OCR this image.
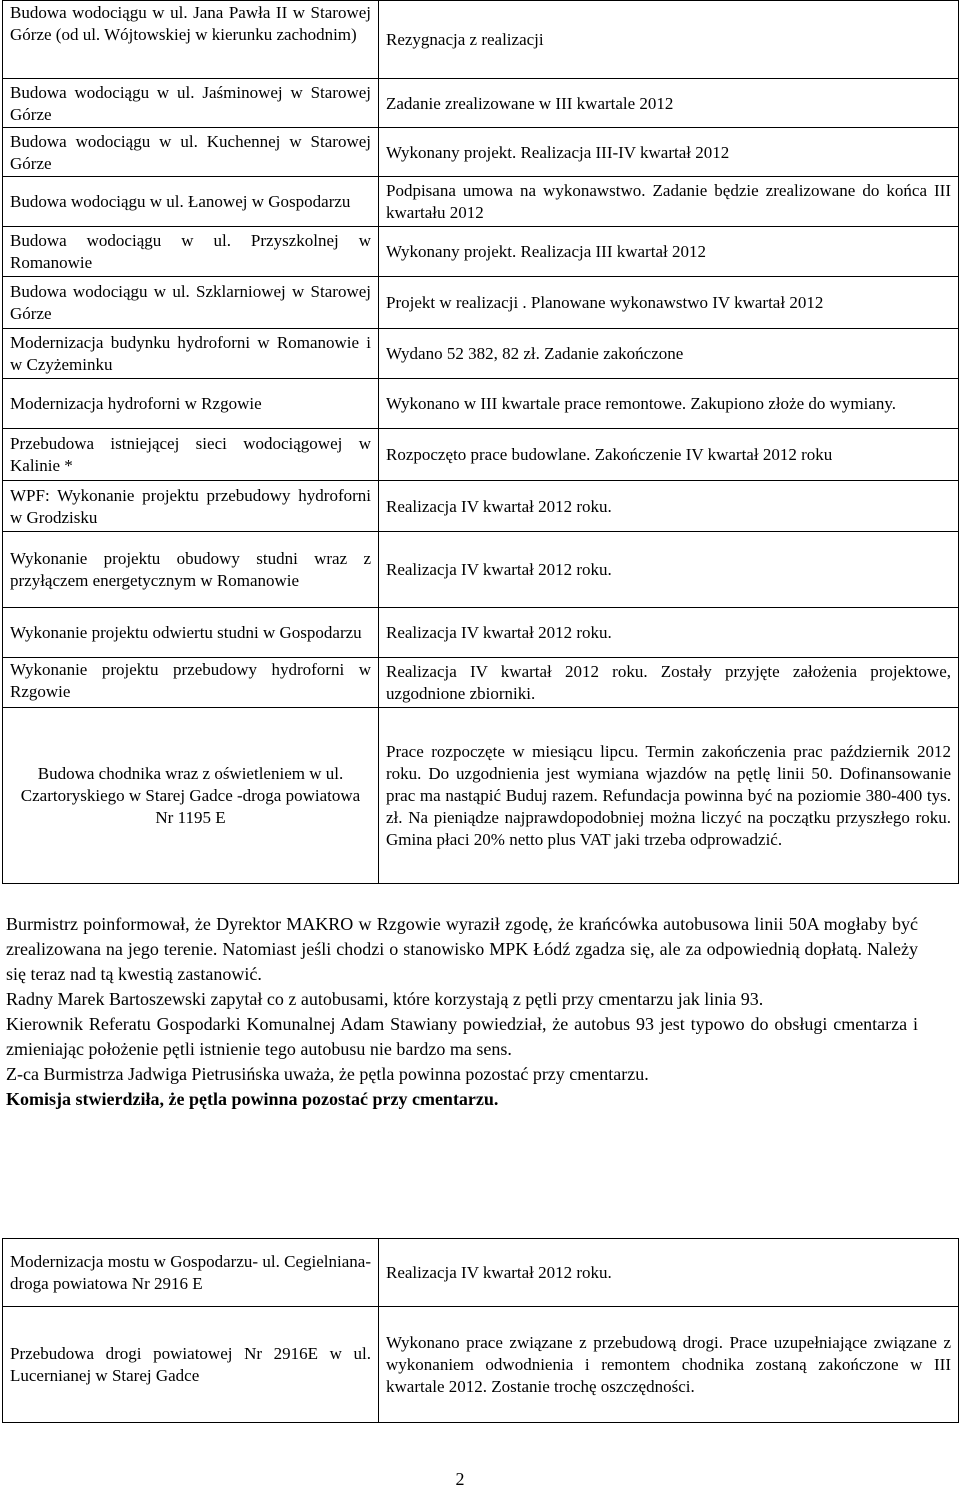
Budowa wodociągu w ul. Jana Pawła II w Starowej Górze (od ul. Wójtowskiej w kierunku zachodnim)	Rezygnacja z realizacji
Budowa wodociągu w ul. Jaśminowej w Starowej Górze	Zadanie zrealizowane w III kwartale 2012
Budowa wodociągu w ul. Kuchennej w Starowej Górze	Wykonany projekt. Realizacja III-IV kwartał 2012
Budowa wodociągu w ul. Łanowej w Gospodarzu	Podpisana umowa na wykonawstwo. Zadanie będzie zrealizowane do końca III kwartału 2012
Budowa wodociągu w ul. Przyszkolnej w Romanowie	Wykonany projekt. Realizacja III kwartał 2012
Budowa wodociągu w ul. Szklarniowej w Starowej Górze	Projekt w realizacji . Planowane wykonawstwo IV kwartał 2012
Modernizacja budynku hydroforni w Romanowie i w Czyżeminku	Wydano 52 382, 82 zł. Zadanie zakończone
Modernizacja hydroforni w Rzgowie	Wykonano w III kwartale prace remontowe. Zakupiono złoże do wymiany.
Przebudowa istniejącej sieci wodociągowej w Kalinie *	Rozpoczęto prace budowlane. Zakończenie IV kwartał 2012 roku
WPF: Wykonanie projektu przebudowy hydroforni w Grodzisku	Realizacja IV kwartał 2012 roku.
Wykonanie projektu obudowy studni wraz z przyłączem energetycznym w Romanowie	Realizacja IV kwartał 2012 roku.
Wykonanie projektu odwiertu studni w Gospodarzu	Realizacja IV kwartał 2012 roku.
Wykonanie projektu przebudowy hydroforni w Rzgowie	Realizacja IV kwartał 2012 roku. Zostały przyjęte założenia projektowe, uzgodnione zbiorniki.
Budowa chodnika wraz z oświetleniem w ul. Czartoryskiego w Starej Gadce -droga powiatowa Nr 1195 E	Prace rozpoczęte w miesiącu lipcu. Termin zakończenia prac październik 2012 roku. Do uzgodnienia jest wymiana wjazdów na pętlę linii 50. Dofinansowanie prac ma nastąpić Buduj razem. Refundacja powinna być na poziomie 380-400 tys. zł. Na pieniądze najprawdopodobniej można liczyć na początku przyszłego roku. Gmina płaci 20% netto plus VAT jaki trzeba odprowadzić.

Burmistrz poinformował, że Dyrektor MAKRO w Rzgowie wyraził zgodę, że krańcówka autobusowa linii 50A mogłaby być zrealizowana na jego terenie. Natomiast jeśli chodzi o stanowisko MPK Łódź zgadza się, ale za odpowiednią dopłatą. Należy się teraz nad tą kwestią zastanowić.

Radny Marek Bartoszewski zapytał co z autobusami, które korzystają z pętli przy cmentarzu jak linia 93.

Kierownik Referatu Gospodarki Komunalnej Adam Stawiany powiedział, że autobus 93 jest typowo do obsługi cmentarza i zmieniając położenie pętli istnienie tego autobusu nie bardzo ma sens.

Z-ca Burmistrza Jadwiga Pietrusińska uważa, że pętla powinna pozostać przy cmentarzu.

Komisja stwierdziła, że pętla powinna pozostać przy cmentarzu.

Modernizacja mostu w Gospodarzu- ul. Cegielniana-droga powiatowa Nr 2916 E	Realizacja IV kwartał 2012 roku.
Przebudowa drogi powiatowej Nr 2916E w ul. Lucernianej w Starej Gadce	Wykonano prace związane z przebudową drogi. Prace uzupełniające związane z wykonaniem odwodnienia i remontem chodnika zostaną zakończone w III kwartale 2012. Zostanie trochę oszczędności.
2
